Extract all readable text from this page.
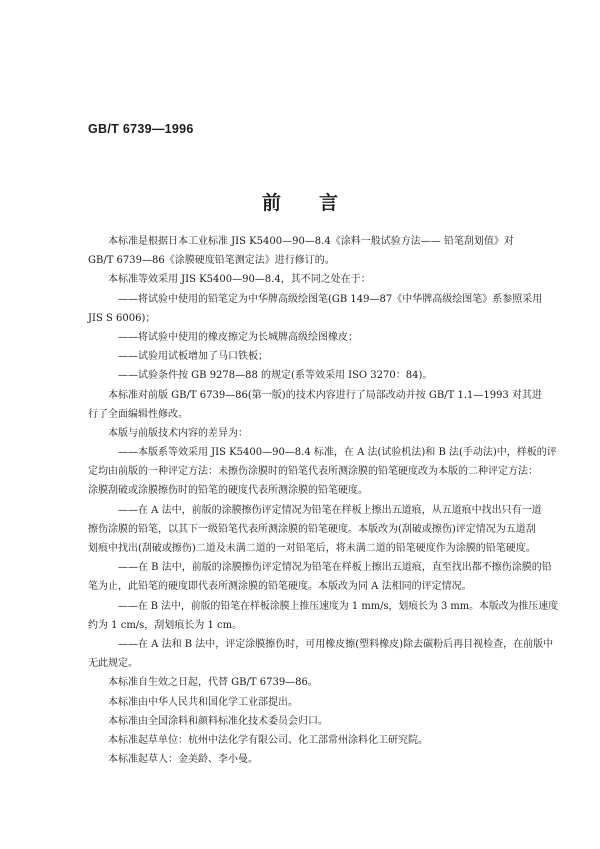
GB/T 6739—1996
前 言
本标准是根据日本工业标准 JIS K5400—90—8.4《涂料一般试验方法—— 铅笔刮划值》对
GB/T 6739—86《涂膜硬度铅笔测定法》进行修订的。
本标准等效采用 JIS K5400—90—8.4，其不同之处在于：
——将试验中使用的铅笔定为中华牌高级绘图笔(GB 149—87《中华牌高级绘图笔》系参照采用
JIS S 6006)；
——将试验中使用的橡皮擦定为长城牌高级绘图橡皮；
——试验用试板增加了马口铁板；
——试验条件按 GB 9278—88 的规定(系等效采用 ISO 3270：84)。
本标准对前版 GB/T 6739—86(第一版)的技术内容进行了局部改动并按 GB/T 1.1—1993 对其进
行了全面编辑性修改。
本版与前版技术内容的差异为：
——本版系等效采用 JIS K5400—90—8.4 标准，在 A 法(试验机法)和 B 法(手动法)中，样板的评
定均由前版的一种评定方法：未擦伤涂膜时的铅笔代表所测涂膜的铅笔硬度改为本版的二种评定方法：
涂膜刮破或涂膜擦伤时的铅笔的硬度代表所测涂膜的铅笔硬度。
——在 A 法中，前版的涂膜擦伤评定情况为铅笔在样板上擦出五道痕，从五道痕中找出只有一道
擦伤涂膜的铅笔，以其下一级铅笔代表所测涂膜的铅笔硬度。本版改为(刮破或擦伤)评定情况为五道刮
划痕中找出(刮破或擦伤)二道及未满二道的一对铅笔后，将未满二道的铅笔硬度作为涂膜的铅笔硬度。
——在 B 法中，前版的涂膜擦伤评定情况为铅笔在样板上擦出五道痕，直至找出都不擦伤涂膜的铅
笔为止，此铅笔的硬度即代表所测涂膜的铅笔硬度。本版改为同 A 法相同的评定情况。
——在 B 法中，前版的铅笔在样板涂膜上推压速度为 1 mm/s，划痕长为 3 mm。本版改为推压速度
约为 1 cm/s，刮划痕长为 1 cm。
——在 A 法和 B 法中，评定涂膜擦伤时，可用橡皮擦(塑料橡皮)除去碳粉后再目视检查，在前版中
无此规定。
本标准自生效之日起，代替 GB/T 6739—86。
本标准由中华人民共和国化学工业部提出。
本标准由全国涂料和颜料标准化技术委员会归口。
本标准起草单位：杭州中法化学有限公司、化工部常州涂料化工研究院。
本标准起草人：金美龄、李小曼。
